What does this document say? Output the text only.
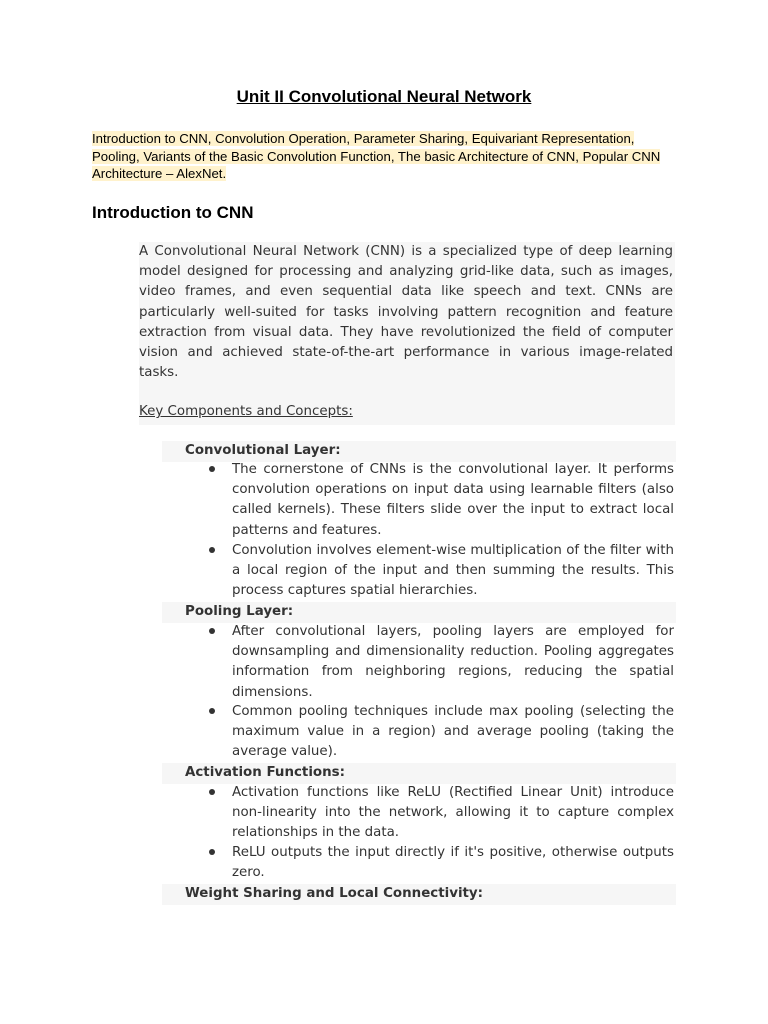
Unit II Convolutional Neural Network
Introduction to CNN, Convolution Operation, Parameter Sharing, Equivariant Representation, Pooling, Variants of the Basic Convolution Function, The basic Architecture of CNN, Popular CNN Architecture – AlexNet.
Introduction to CNN
A Convolutional Neural Network (CNN) is a specialized type of deep learning model designed for processing and analyzing grid-like data, such as images, video frames, and even sequential data like speech and text. CNNs are particularly well-suited for tasks involving pattern recognition and feature extraction from visual data. They have revolutionized the field of computer vision and achieved state-of-the-art performance in various image-related tasks.
Key Components and Concepts:
Convolutional Layer:
The cornerstone of CNNs is the convolutional layer. It performs convolution operations on input data using learnable filters (also called kernels). These filters slide over the input to extract local patterns and features.
Convolution involves element-wise multiplication of the filter with a local region of the input and then summing the results. This process captures spatial hierarchies.
Pooling Layer:
After convolutional layers, pooling layers are employed for downsampling and dimensionality reduction. Pooling aggregates information from neighboring regions, reducing the spatial dimensions.
Common pooling techniques include max pooling (selecting the maximum value in a region) and average pooling (taking the average value).
Activation Functions:
Activation functions like ReLU (Rectified Linear Unit) introduce non-linearity into the network, allowing it to capture complex relationships in the data.
ReLU outputs the input directly if it's positive, otherwise outputs zero.
Weight Sharing and Local Connectivity:
